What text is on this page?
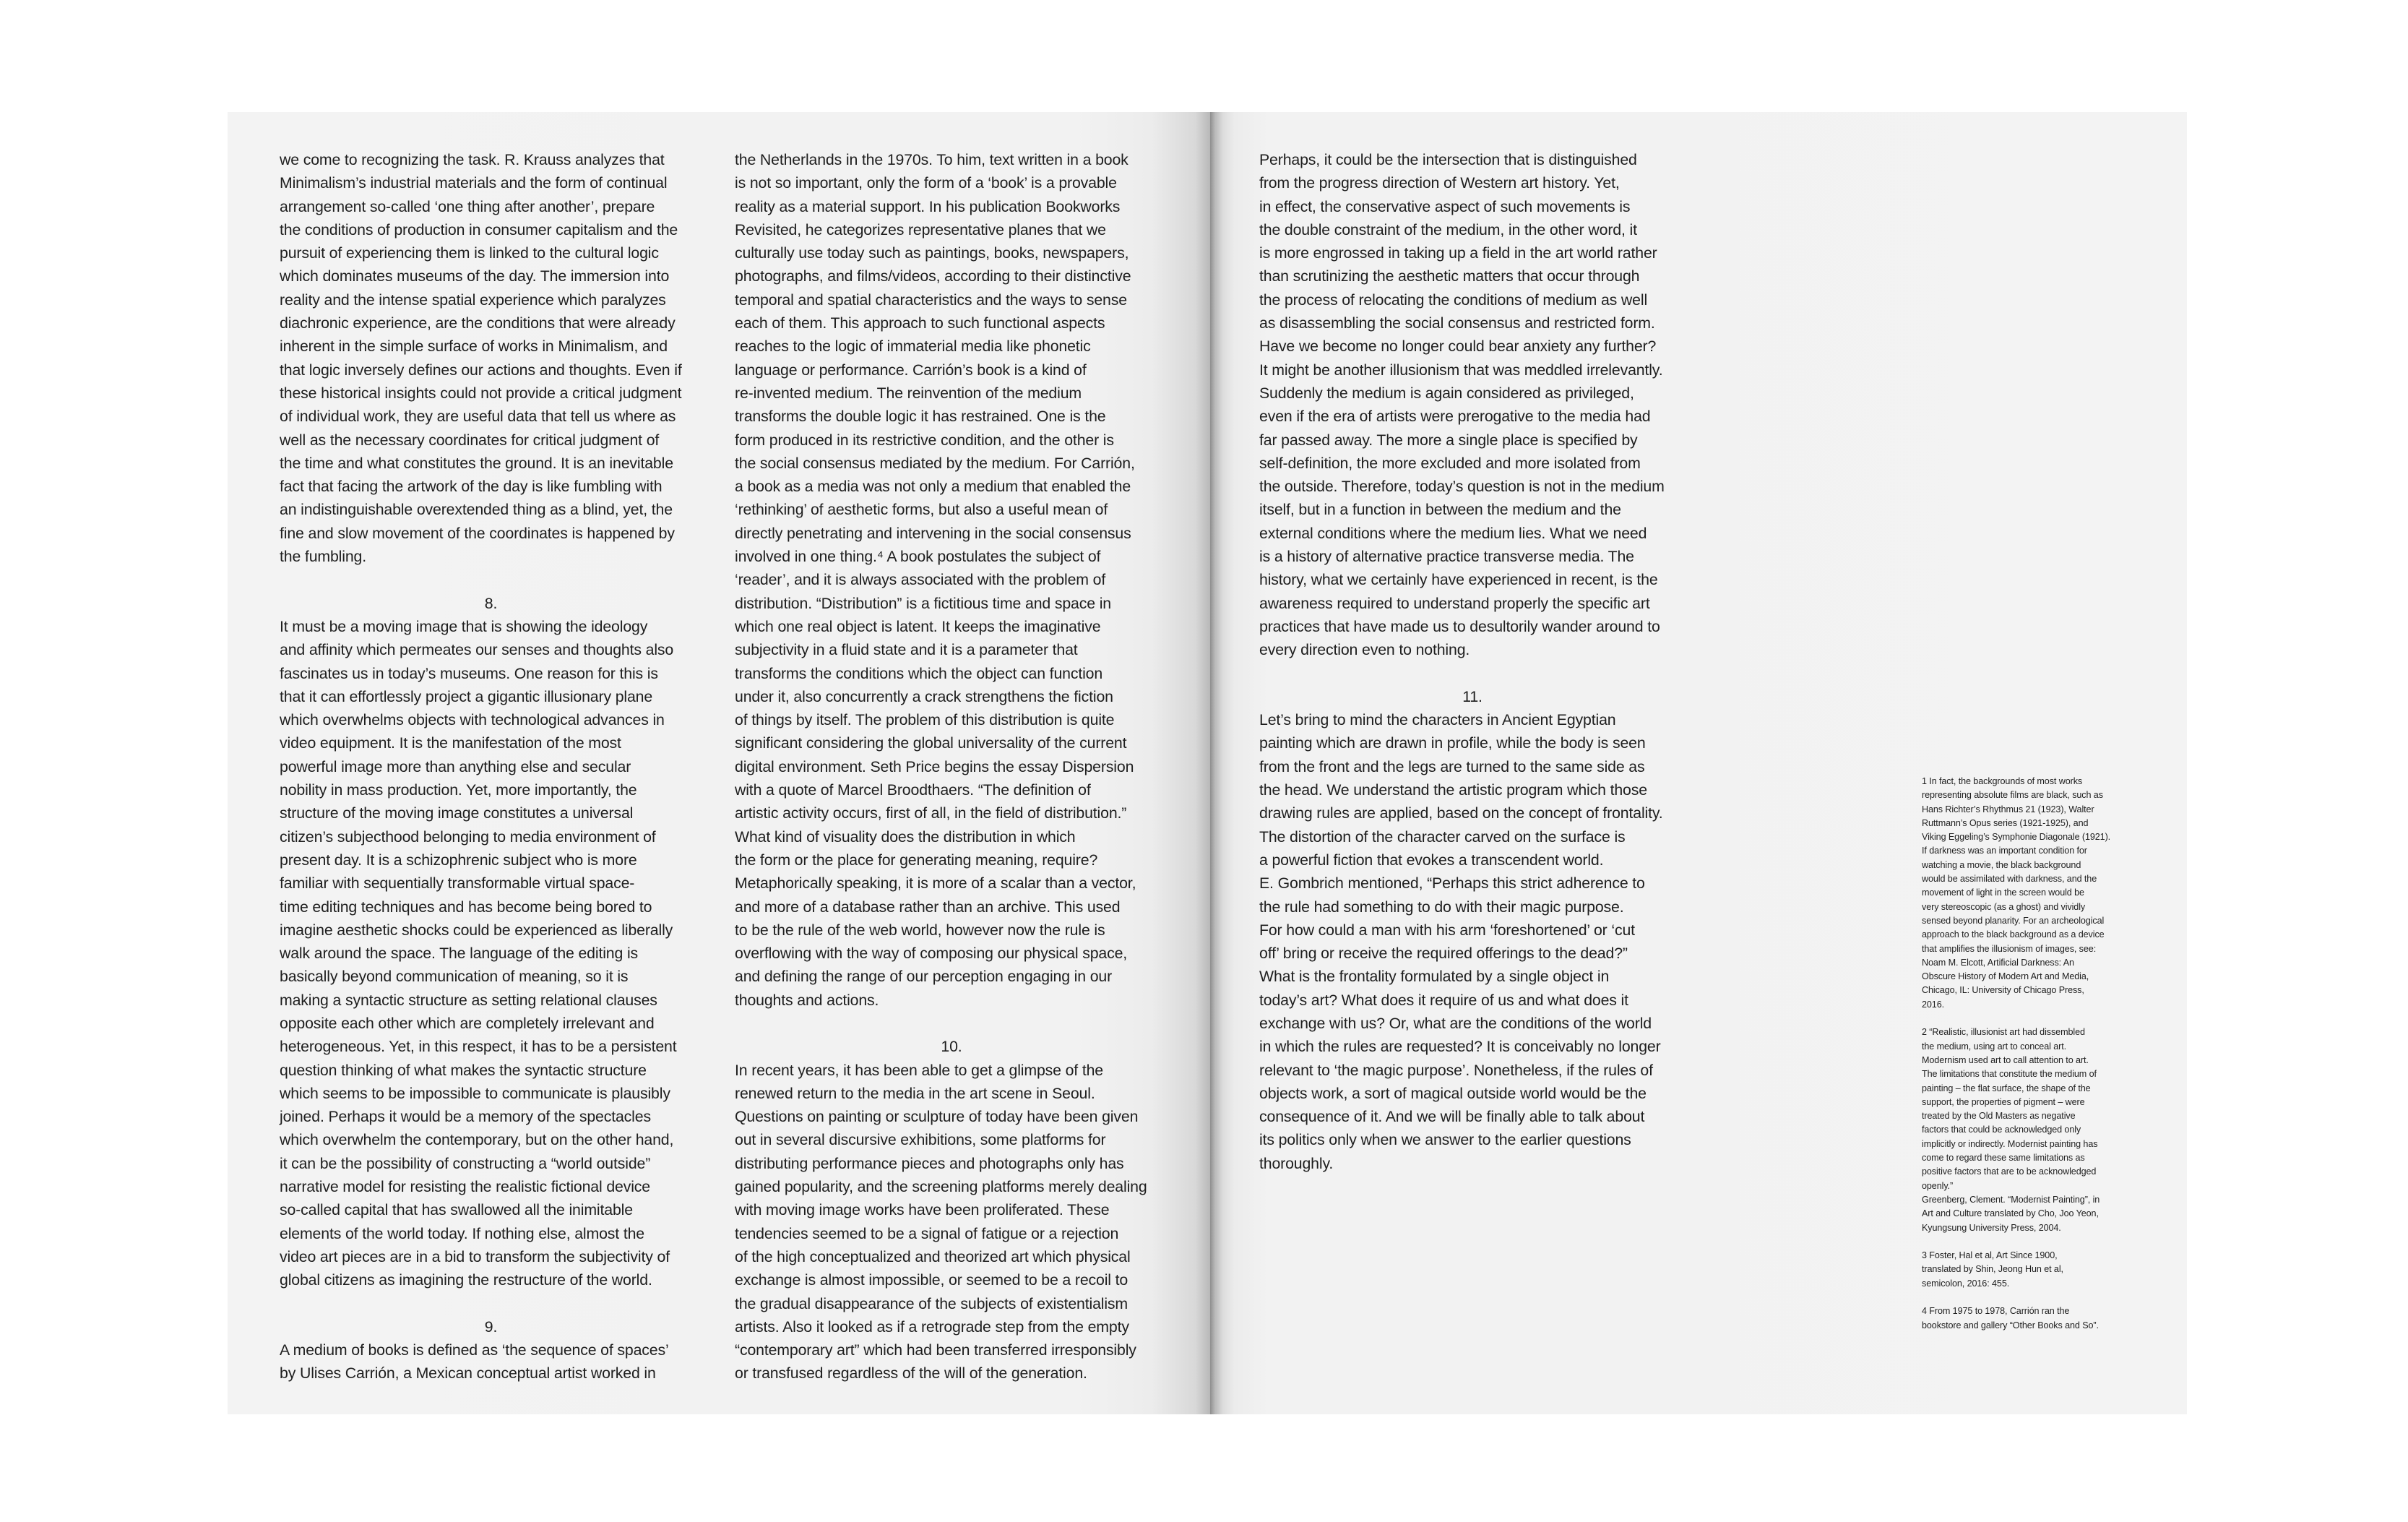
we come to recognizing the task. R. Krauss analyzes that
Minimalism’s industrial materials and the form of continual
arrangement so-called ‘one thing after another’, prepare
the conditions of production in consumer capitalism and the
pursuit of experiencing them is linked to the cultural logic
which dominates museums of the day. The immersion into
reality and the intense spatial experience which paralyzes
diachronic experience, are the conditions that were already
inherent in the simple surface of works in Minimalism, and
that logic inversely defines our actions and thoughts. Even if
these historical insights could not provide a critical judgment
of individual work, they are useful data that tell us where as
well as the necessary coordinates for critical judgment of
the time and what constitutes the ground. It is an inevitable
fact that facing the artwork of the day is like fumbling with
an indistinguishable overextended thing as a blind, yet, the
fine and slow movement of the coordinates is happened by
the fumbling.
8.
It must be a moving image that is showing the ideology
and affinity which permeates our senses and thoughts also
fascinates us in today’s museums. One reason for this is
that it can effortlessly project a gigantic illusionary plane
which overwhelms objects with technological advances in
video equipment. It is the manifestation of the most
powerful image more than anything else and secular
nobility in mass production. Yet, more importantly, the
structure of the moving image constitutes a universal
citizen’s subjecthood belonging to media environment of
present day. It is a schizophrenic subject who is more
familiar with sequentially transformable virtual space-
time editing techniques and has become being bored to
imagine aesthetic shocks could be experienced as liberally
walk around the space. The language of the editing is
basically beyond communication of meaning, so it is
making a syntactic structure as setting relational clauses
opposite each other which are completely irrelevant and
heterogeneous. Yet, in this respect, it has to be a persistent
question thinking of what makes the syntactic structure
which seems to be impossible to communicate is plausibly
joined. Perhaps it would be a memory of the spectacles
which overwhelm the contemporary, but on the other hand,
it can be the possibility of constructing a “world outside”
narrative model for resisting the realistic fictional device
so-called capital that has swallowed all the inimitable
elements of the world today. If nothing else, almost the
video art pieces are in a bid to transform the subjectivity of
global citizens as imagining the restructure of the world.
9.
A medium of books is defined as ‘the sequence of spaces’
by Ulises Carrión, a Mexican conceptual artist worked in
the Netherlands in the 1970s. To him, text written in a book
is not so important, only the form of a ‘book’ is a provable
reality as a material support. In his publication Bookworks
Revisited, he categorizes representative planes that we
culturally use today such as paintings, books, newspapers,
photographs, and films/videos, according to their distinctive
temporal and spatial characteristics and the ways to sense
each of them. This approach to such functional aspects
reaches to the logic of immaterial media like phonetic
language or performance. Carrión’s book is a kind of
re-invented medium. The reinvention of the medium
transforms the double logic it has restrained. One is the
form produced in its restrictive condition, and the other is
the social consensus mediated by the medium. For Carrión,
a book as a media was not only a medium that enabled the
‘rethinking’ of aesthetic forms, but also a useful mean of
directly penetrating and intervening in the social consensus
involved in one thing.⁴ A book postulates the subject of
‘reader’, and it is always associated with the problem of
distribution. “Distribution” is a fictitious time and space in
which one real object is latent. It keeps the imaginative
subjectivity in a fluid state and it is a parameter that
transforms the conditions which the object can function
under it, also concurrently a crack strengthens the fiction
of things by itself. The problem of this distribution is quite
significant considering the global universality of the current
digital environment. Seth Price begins the essay Dispersion
with a quote of Marcel Broodthaers. “The definition of
artistic activity occurs, first of all, in the field of distribution.”
What kind of visuality does the distribution in which
the form or the place for generating meaning, require?
Metaphorically speaking, it is more of a scalar than a vector,
and more of a database rather than an archive. This used
to be the rule of the web world, however now the rule is
overflowing with the way of composing our physical space,
and defining the range of our perception engaging in our
thoughts and actions.
10.
In recent years, it has been able to get a glimpse of the
renewed return to the media in the art scene in Seoul.
Questions on painting or sculpture of today have been given
out in several discursive exhibitions, some platforms for
distributing performance pieces and photographs only has
gained popularity, and the screening platforms merely dealing
with moving image works have been proliferated. These
tendencies seemed to be a signal of fatigue or a rejection
of the high conceptualized and theorized art which physical
exchange is almost impossible, or seemed to be a recoil to
the gradual disappearance of the subjects of existentialism
artists. Also it looked as if a retrograde step from the empty
“contemporary art” which had been transferred irresponsibly
or transfused regardless of the will of the generation.
Perhaps, it could be the intersection that is distinguished
from the progress direction of Western art history. Yet,
in effect, the conservative aspect of such movements is
the double constraint of the medium, in the other word, it
is more engrossed in taking up a field in the art world rather
than scrutinizing the aesthetic matters that occur through
the process of relocating the conditions of medium as well
as disassembling the social consensus and restricted form.
Have we become no longer could bear anxiety any further?
It might be another illusionism that was meddled irrelevantly.
Suddenly the medium is again considered as privileged,
even if the era of artists were prerogative to the media had
far passed away. The more a single place is specified by
self-definition, the more excluded and more isolated from
the outside. Therefore, today’s question is not in the medium
itself, but in a function in between the medium and the
external conditions where the medium lies. What we need
is a history of alternative practice transverse media. The
history, what we certainly have experienced in recent, is the
awareness required to understand properly the specific art
practices that have made us to desultorily wander around to
every direction even to nothing.
11.
Let’s bring to mind the characters in Ancient Egyptian
painting which are drawn in profile, while the body is seen
from the front and the legs are turned to the same side as
the head. We understand the artistic program which those
drawing rules are applied, based on the concept of frontality.
The distortion of the character carved on the surface is
a powerful fiction that evokes a transcendent world.
E. Gombrich mentioned, “Perhaps this strict adherence to
the rule had something to do with their magic purpose.
For how could a man with his arm ‘foreshortened’ or ‘cut
off’ bring or receive the required offerings to the dead?”
What is the frontality formulated by a single object in
today’s art? What does it require of us and what does it
exchange with us? Or, what are the conditions of the world
in which the rules are requested? It is conceivably no longer
relevant to ‘the magic purpose’. Nonetheless, if the rules of
objects work, a sort of magical outside world would be the
consequence of it. And we will be finally able to talk about
its politics only when we answer to the earlier questions
thoroughly.
1 In fact, the backgrounds of most works
representing absolute films are black, such as
Hans Richter’s Rhythmus 21 (1923), Walter
Ruttmann’s Opus series (1921-1925), and
Viking Eggeling’s Symphonie Diagonale (1921).
If darkness was an important condition for
watching a movie, the black background
would be assimilated with darkness, and the
movement of light in the screen would be
very stereoscopic (as a ghost) and vividly
sensed beyond planarity. For an archeological
approach to the black background as a device
that amplifies the illusionism of images, see:
Noam M. Elcott, Artificial Darkness: An
Obscure History of Modern Art and Media,
Chicago, IL: University of Chicago Press,
2016.
2 “Realistic, illusionist art had dissembled
the medium, using art to conceal art.
Modernism used art to call attention to art.
The limitations that constitute the medium of
painting – the flat surface, the shape of the
support, the properties of pigment – were
treated by the Old Masters as negative
factors that could be acknowledged only
implicitly or indirectly. Modernist painting has
come to regard these same limitations as
positive factors that are to be acknowledged
openly.”
Greenberg, Clement. “Modernist Painting”, in
Art and Culture translated by Cho, Joo Yeon,
Kyungsung University Press, 2004.
3 Foster, Hal et al, Art Since 1900,
translated by Shin, Jeong Hun et al,
semicolon, 2016: 455.
4 From 1975 to 1978, Carrión ran the
bookstore and gallery “Other Books and So”.
